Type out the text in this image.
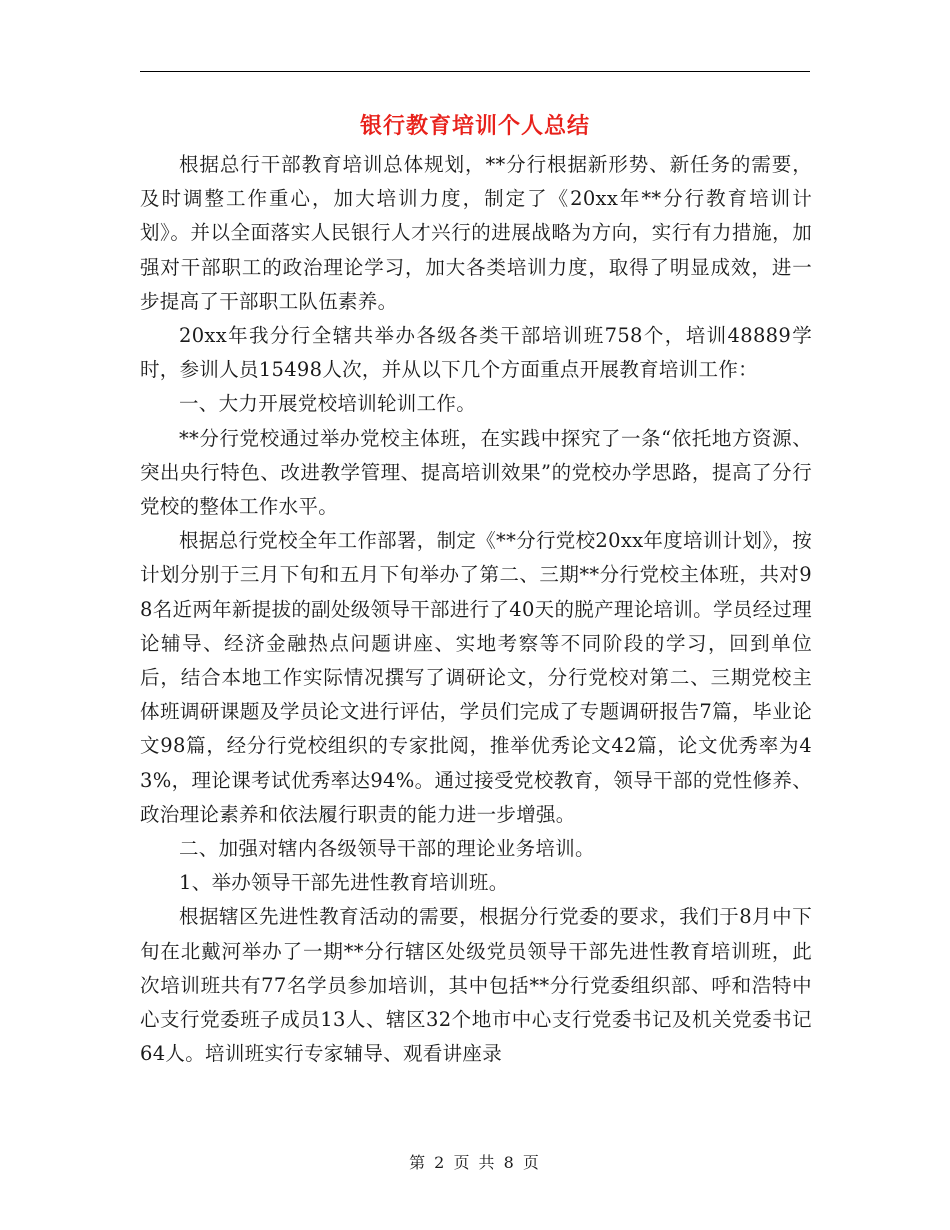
银行教育培训个人总结

根据总行干部教育培训总体规划，**分行根据新形势、新任务的需要，及时调整工作重心，加大培训力度，制定了《20xx年**分行教育培训计划》。并以全面落实人民银行人才兴行的进展战略为方向，实行有力措施，加强对干部职工的政治理论学习，加大各类培训力度，取得了明显成效，进一步提高了干部职工队伍素养。

20xx年我分行全辖共举办各级各类干部培训班758个，培训48889学时，参训人员15498人次，并从以下几个方面重点开展教育培训工作：

一、大力开展党校培训轮训工作。

**分行党校通过举办党校主体班，在实践中探究了一条“依托地方资源、突出央行特色、改进教学管理、提高培训效果”的党校办学思路，提高了分行党校的整体工作水平。

根据总行党校全年工作部署，制定《**分行党校20xx年度培训计划》，按计划分别于三月下旬和五月下旬举办了第二、三期**分行党校主体班，共对98名近两年新提拔的副处级领导干部进行了40天的脱产理论培训。学员经过理论辅导、经济金融热点问题讲座、实地考察等不同阶段的学习，回到单位后，结合本地工作实际情况撰写了调研论文，分行党校对第二、三期党校主体班调研课题及学员论文进行评估，学员们完成了专题调研报告7篇，毕业论文98篇，经分行党校组织的专家批阅，推举优秀论文42篇，论文优秀率为43%，理论课考试优秀率达94%。通过接受党校教育，领导干部的党性修养、政治理论素养和依法履行职责的能力进一步增强。

二、加强对辖内各级领导干部的理论业务培训。

1、举办领导干部先进性教育培训班。

根据辖区先进性教育活动的需要，根据分行党委的要求，我们于8月中下旬在北戴河举办了一期**分行辖区处级党员领导干部先进性教育培训班，此次培训班共有77名学员参加培训，其中包括**分行党委组织部、呼和浩特中心支行党委班子成员13人、辖区32个地市中心支行党委书记及机关党委书记64人。培训班实行专家辅导、观看讲座录

第 2 页 共 8 页
